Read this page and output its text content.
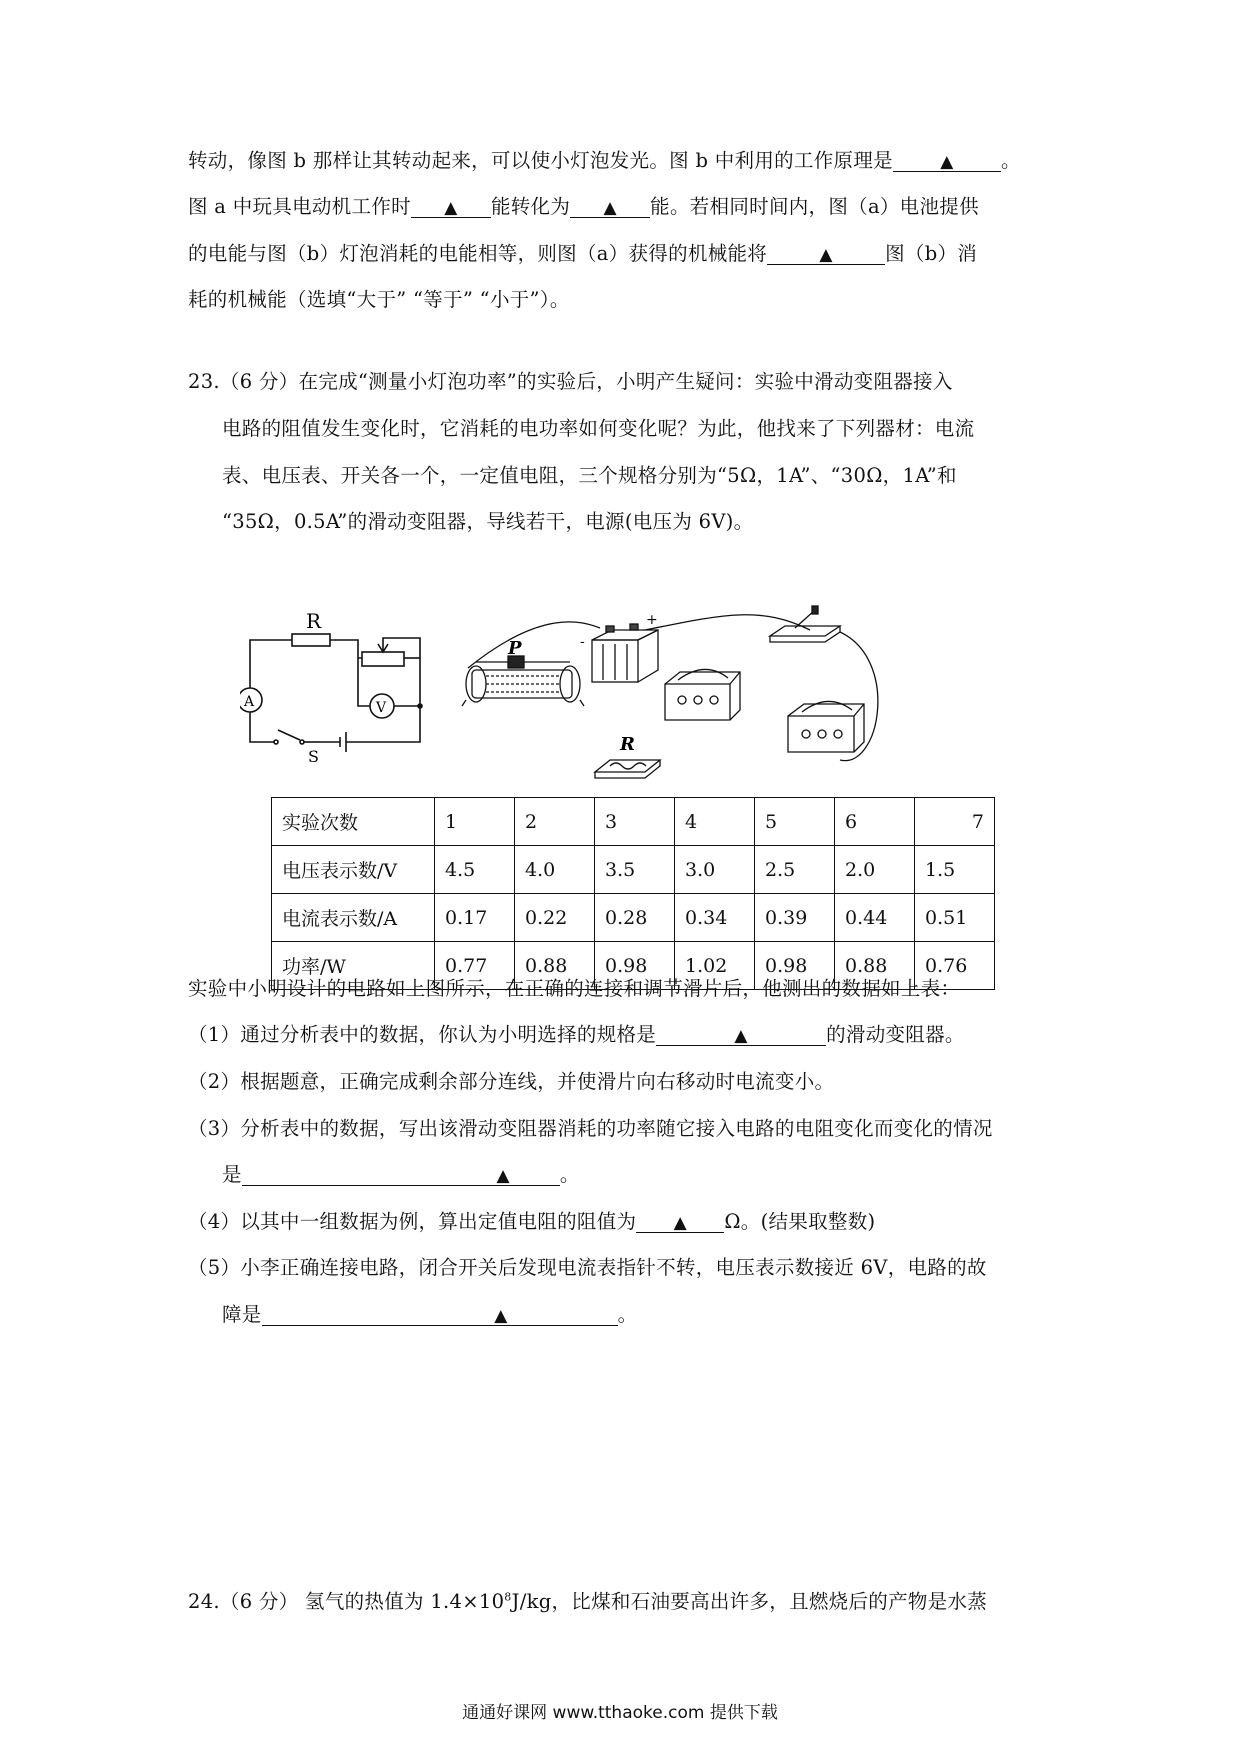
转动，像图 b 那样让其转动起来，可以使小灯泡发光。图 b 中利用的工作原理是	▲ 。
图 a 中玩具电动机工作时 ▲ 能转化为 ▲ 能。若相同时间内，图（a）电池提供
的电能与图（b）灯泡消耗的电能相等，则图（a）获得的机械能将	▲	图（b）消
耗的机械能（选填“大于” “等于” “小于”）。
23.（6 分）在完成“测量小灯泡功率”的实验后，小明产生疑问：实验中滑动变阻器接入
电路的阻值发生变化时，它消耗的电功率如何变化呢？为此，他找来了下列器材：电流
表、电压表、开关各一个，一定值电阻，三个规格分别为“5Ω，1A”、“30Ω，1A”和
“35Ω，0.5A”的滑动变阻器，导线若干，电源(电压为 6V)。
R
A	V
S
P
R
-
+
实验次数	1	2	3	4	5	6	7
电压表示数/V	4.5	4.0	3.5	3.0	2.5	2.0	1.5
电流表示数/A	0.17	0.22	0.28	0.34	0.39	0.44	0.51
功率/W	0.77	0.88	0.98	1.02	0.98	0.88	0.76
实验中小明设计的电路如上图所示，在正确的连接和调节滑片后，他测出的数据如上表：
（1）通过分析表中的数据，你认为小明选择的规格是	▲	的滑动变阻器。
（2）根据题意，正确完成剩余部分连线，并使滑片向右移动时电流变小。
（3）分析表中的数据，写出该滑动变阻器消耗的功率随它接入电路的电阻变化而变化的情况
是	▲	。
（4）以其中一组数据为例，算出定值电阻的阻值为 ▲ Ω。(结果取整数)
（5）小李正确连接电路，闭合开关后发现电流表指针不转，电压表示数接近 6V，电路的故
障是	▲	。
24.（6 分） 氢气的热值为 $1.4\times 10^8J/kg$，比煤和石油要高出许多，且燃烧后的产物是水蒸
通通好课网 www.tthaoke.com 提供下载
